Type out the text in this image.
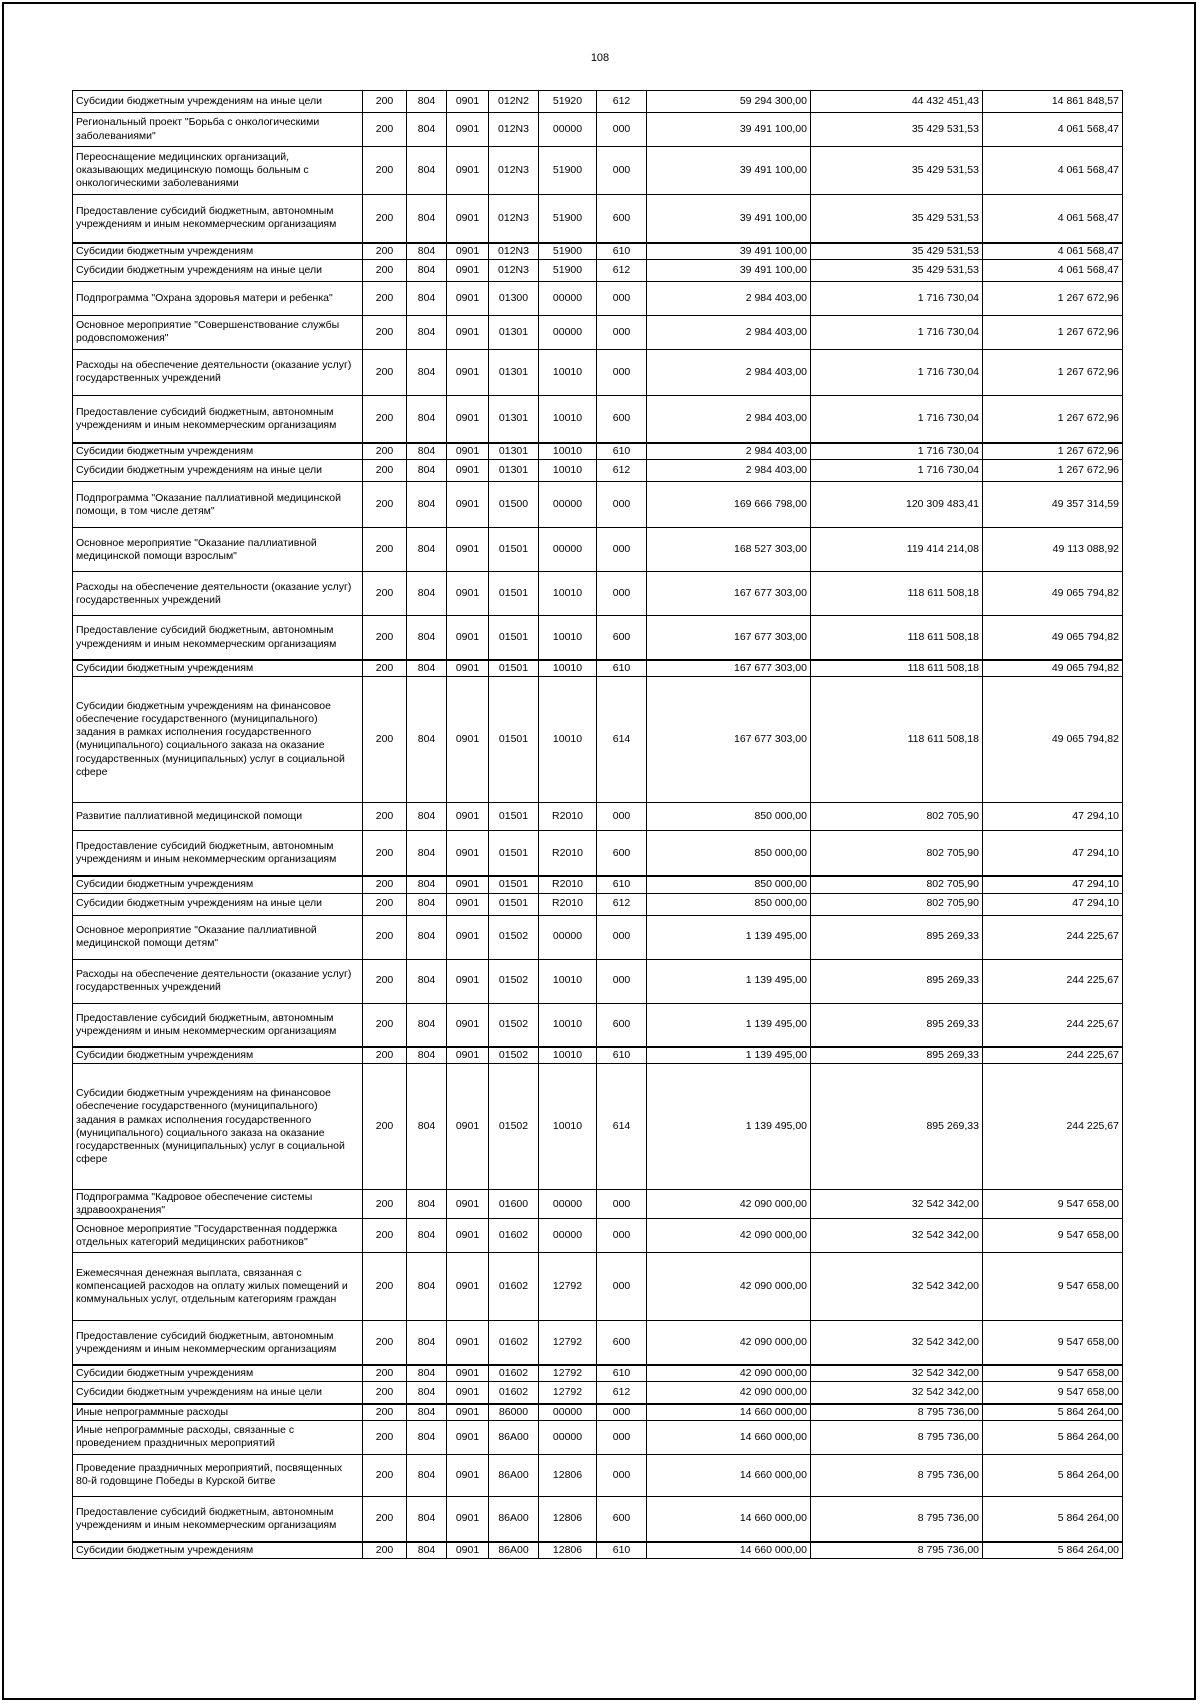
108
Субсидии бюджетным учреждениям на иные цели	200	804	0901	012N2	51920	612	59 294 300,00	44 432 451,43	14 861 848,57
Региональный проект "Борьба с онкологическими заболеваниями"	200	804	0901	012N3	00000	000	39 491 100,00	35 429 531,53	4 061 568,47
Переоснащение медицинских организаций, оказывающих медицинскую помощь больным с онкологическими заболеваниями	200	804	0901	012N3	51900	000	39 491 100,00	35 429 531,53	4 061 568,47
Предоставление субсидий бюджетным, автономным учреждениям и иным некоммерческим организациям	200	804	0901	012N3	51900	600	39 491 100,00	35 429 531,53	4 061 568,47
Субсидии бюджетным учреждениям	200	804	0901	012N3	51900	610	39 491 100,00	35 429 531,53	4 061 568,47
Субсидии бюджетным учреждениям на иные цели	200	804	0901	012N3	51900	612	39 491 100,00	35 429 531,53	4 061 568,47
Подпрограмма "Охрана здоровья матери и ребенка"	200	804	0901	01300	00000	000	2 984 403,00	1 716 730,04	1 267 672,96
Основное мероприятие "Совершенствование службы родовспоможения"	200	804	0901	01301	00000	000	2 984 403,00	1 716 730,04	1 267 672,96
Расходы на обеспечение деятельности (оказание услуг) государственных учреждений	200	804	0901	01301	10010	000	2 984 403,00	1 716 730,04	1 267 672,96
Предоставление субсидий бюджетным, автономным учреждениям и иным некоммерческим организациям	200	804	0901	01301	10010	600	2 984 403,00	1 716 730,04	1 267 672,96
Субсидии бюджетным учреждениям	200	804	0901	01301	10010	610	2 984 403,00	1 716 730,04	1 267 672,96
Субсидии бюджетным учреждениям на иные цели	200	804	0901	01301	10010	612	2 984 403,00	1 716 730,04	1 267 672,96
Подпрограмма "Оказание паллиативной медицинской помощи, в том числе детям"	200	804	0901	01500	00000	000	169 666 798,00	120 309 483,41	49 357 314,59
Основное мероприятие "Оказание паллиативной медицинской помощи взрослым"	200	804	0901	01501	00000	000	168 527 303,00	119 414 214,08	49 113 088,92
Расходы на обеспечение деятельности (оказание услуг) государственных учреждений	200	804	0901	01501	10010	000	167 677 303,00	118 611 508,18	49 065 794,82
Предоставление субсидий бюджетным, автономным учреждениям и иным некоммерческим организациям	200	804	0901	01501	10010	600	167 677 303,00	118 611 508,18	49 065 794,82
Субсидии бюджетным учреждениям	200	804	0901	01501	10010	610	167 677 303,00	118 611 508,18	49 065 794,82
Субсидии бюджетным учреждениям на финансовое обеспечение государственного (муниципального) задания в рамках исполнения государственного (муниципального) социального заказа на оказание государственных (муниципальных) услуг в социальной сфере	200	804	0901	01501	10010	614	167 677 303,00	118 611 508,18	49 065 794,82
Развитие паллиативной медицинской помощи	200	804	0901	01501	R2010	000	850 000,00	802 705,90	47 294,10
Предоставление субсидий бюджетным, автономным учреждениям и иным некоммерческим организациям	200	804	0901	01501	R2010	600	850 000,00	802 705,90	47 294,10
Субсидии бюджетным учреждениям	200	804	0901	01501	R2010	610	850 000,00	802 705,90	47 294,10
Субсидии бюджетным учреждениям на иные цели	200	804	0901	01501	R2010	612	850 000,00	802 705,90	47 294,10
Основное мероприятие "Оказание паллиативной медицинской помощи детям"	200	804	0901	01502	00000	000	1 139 495,00	895 269,33	244 225,67
Расходы на обеспечение деятельности (оказание услуг) государственных учреждений	200	804	0901	01502	10010	000	1 139 495,00	895 269,33	244 225,67
Предоставление субсидий бюджетным, автономным учреждениям и иным некоммерческим организациям	200	804	0901	01502	10010	600	1 139 495,00	895 269,33	244 225,67
Субсидии бюджетным учреждениям	200	804	0901	01502	10010	610	1 139 495,00	895 269,33	244 225,67
Субсидии бюджетным учреждениям на финансовое обеспечение государственного (муниципального) задания в рамках исполнения государственного (муниципального) социального заказа на оказание государственных (муниципальных) услуг в социальной сфере	200	804	0901	01502	10010	614	1 139 495,00	895 269,33	244 225,67
Подпрограмма "Кадровое обеспечение системы здравоохранения"	200	804	0901	01600	00000	000	42 090 000,00	32 542 342,00	9 547 658,00
Основное мероприятие "Государственная поддержка отдельных категорий медицинских работников"	200	804	0901	01602	00000	000	42 090 000,00	32 542 342,00	9 547 658,00
Ежемесячная денежная выплата, связанная с компенсацией расходов на оплату жилых помещений и коммунальных услуг, отдельным категориям граждан	200	804	0901	01602	12792	000	42 090 000,00	32 542 342,00	9 547 658,00
Предоставление субсидий бюджетным, автономным учреждениям и иным некоммерческим организациям	200	804	0901	01602	12792	600	42 090 000,00	32 542 342,00	9 547 658,00
Субсидии бюджетным учреждениям	200	804	0901	01602	12792	610	42 090 000,00	32 542 342,00	9 547 658,00
Субсидии бюджетным учреждениям на иные цели	200	804	0901	01602	12792	612	42 090 000,00	32 542 342,00	9 547 658,00
Иные непрограммные расходы	200	804	0901	86000	00000	000	14 660 000,00	8 795 736,00	5 864 264,00
Иные непрограммные расходы, связанные с проведением праздничных мероприятий	200	804	0901	86А00	00000	000	14 660 000,00	8 795 736,00	5 864 264,00
Проведение праздничных мероприятий, посвященных 80-й годовщине Победы в Курской битве	200	804	0901	86А00	12806	000	14 660 000,00	8 795 736,00	5 864 264,00
Предоставление субсидий бюджетным, автономным учреждениям и иным некоммерческим организациям	200	804	0901	86А00	12806	600	14 660 000,00	8 795 736,00	5 864 264,00
Субсидии бюджетным учреждениям	200	804	0901	86А00	12806	610	14 660 000,00	8 795 736,00	5 864 264,00
